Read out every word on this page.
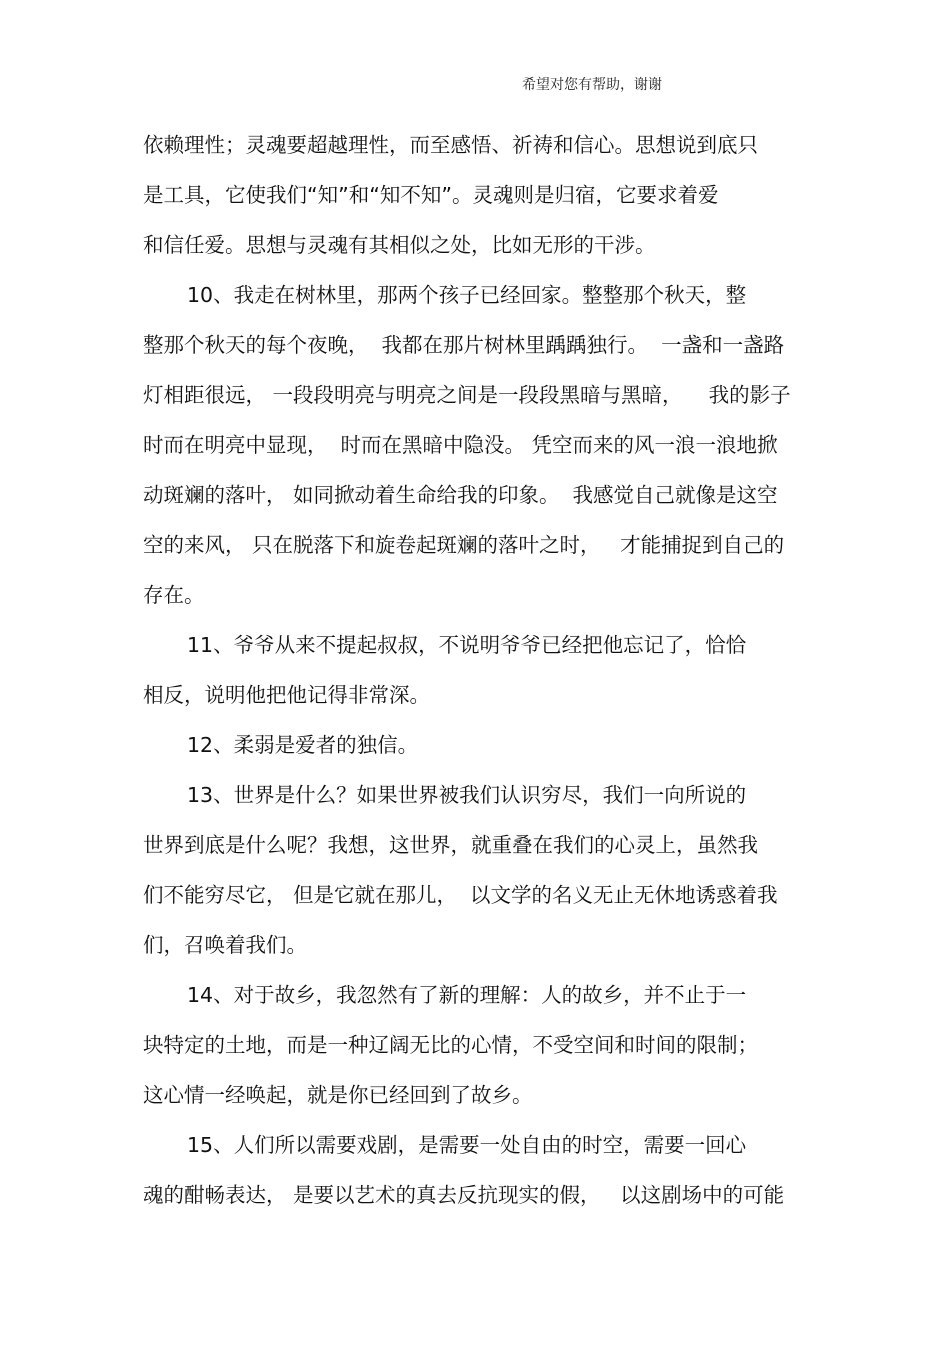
希望对您有帮助，谢谢
依赖理性；灵魂要超越理性，而至感悟、祈祷和信心。思想说到底只
是工具，它使我们“知”和“知不知”。灵魂则是归宿，它要求着爱
和信任爱。思想与灵魂有其相似之处，比如无形的干涉。
10、我走在树林里，那两个孩子已经回家。整整那个秋天，整
整那个秋天的每个夜晚，  我都在那片树林里踽踽独行。  一盏和一盏路
灯相距很远， 一段段明亮与明亮之间是一段段黑暗与黑暗，    我的影子
时而在明亮中显现，  时而在黑暗中隐没。 凭空而来的风一浪一浪地掀
动斑斓的落叶， 如同掀动着生命给我的印象。  我感觉自己就像是这空
空的来风， 只在脱落下和旋卷起斑斓的落叶之时，   才能捕捉到自己的
存在。
11、爷爷从来不提起叔叔，不说明爷爷已经把他忘记了，恰恰
相反，说明他把他记得非常深。
12、柔弱是爱者的独信。
13、世界是什么？如果世界被我们认识穷尽，我们一向所说的
世界到底是什么呢？我想，这世界，就重叠在我们的心灵上，虽然我
们不能穷尽它， 但是它就在那儿，  以文学的名义无止无休地诱惑着我
们，召唤着我们。
14、对于故乡，我忽然有了新的理解：人的故乡，并不止于一
块特定的土地，而是一种辽阔无比的心情，不受空间和时间的限制；
这心情一经唤起，就是你已经回到了故乡。
15、人们所以需要戏剧，是需要一处自由的时空，需要一回心
魂的酣畅表达， 是要以艺术的真去反抗现实的假，   以这剧场中的可能
